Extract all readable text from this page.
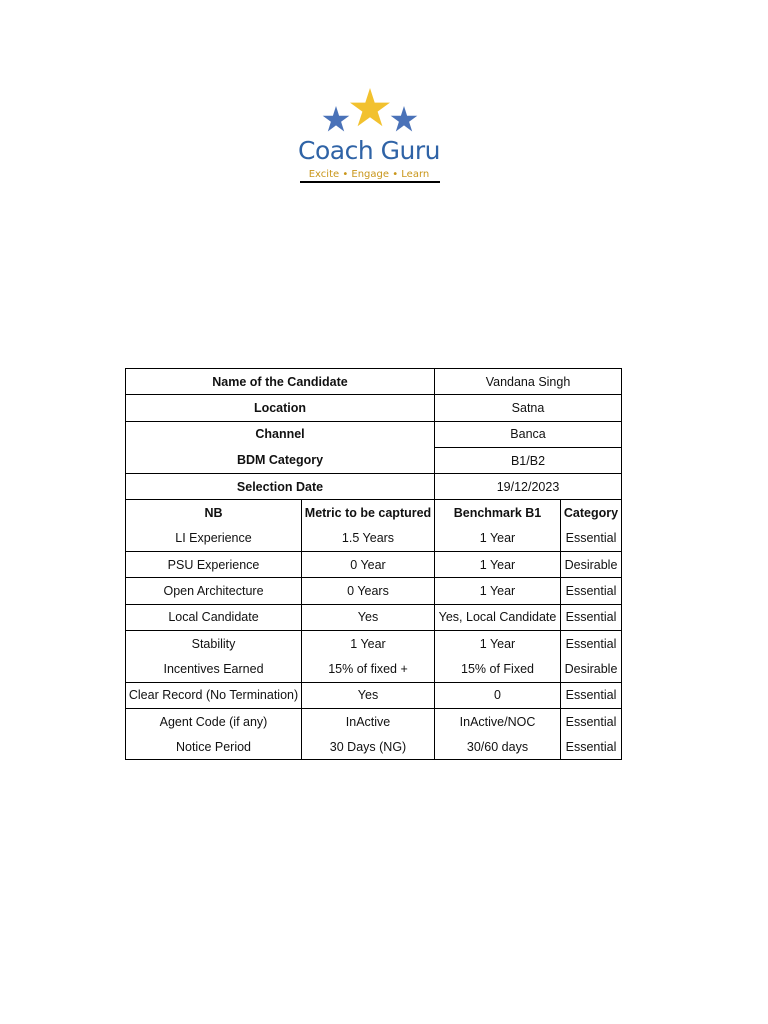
Coach Guru
Excite • Engage • Learn
Name of the Candidate		Vandana Singh	
Location		Satna	
Channel		Banca	
BDM Category		B1/B2	
Selection Date		19/12/2023	
NB	Metric to be captured	Benchmark B1	Category
LI Experience	1.5 Years	1 Year	Essential
PSU Experience	0 Year	1 Year	Desirable
Open Architecture	0 Years	1 Year	Essential
Local Candidate	Yes	Yes, Local Candidate	Essential
Stability	1 Year	1 Year	Essential
Incentives Earned	15% of fixed +	15% of Fixed	Desirable
Clear Record (No Termination)	Yes	0	Essential
Agent Code (if any)	InActive	InActive/NOC	Essential
Notice Period	30 Days (NG)	30/60 days	Essential
